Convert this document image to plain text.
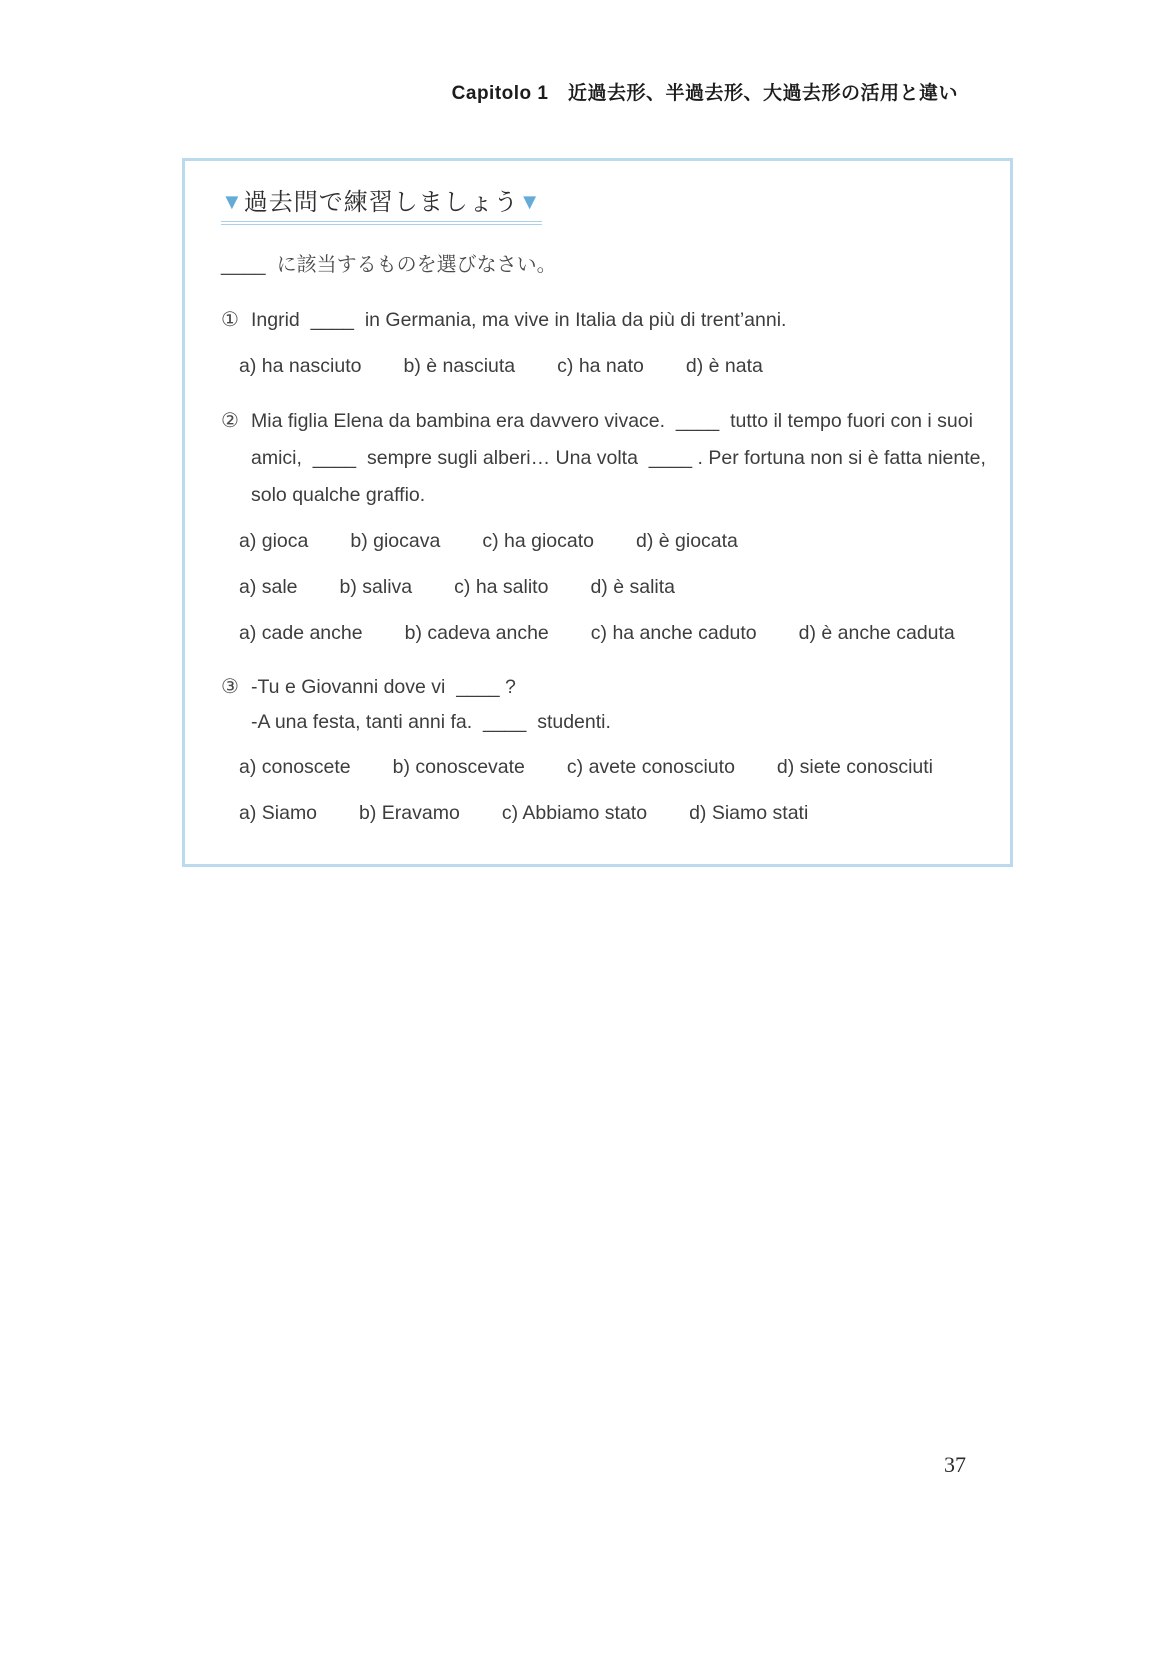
Capitolo 1　近過去形、半過去形、大過去形の活用と違い
▼過去問で練習しましょう▼
____  に該当するものを選びなさい。
① Ingrid  ____  in Germania, ma vive in Italia da più di trent’anni.
a) ha nasciuto b) è nasciuta c) ha nato d) è nata
② Mia figlia Elena da bambina era davvero vivace.  ____  tutto il tempo fuori con i suoi
amici,  ____  sempre sugli alberi… Una volta  ____ . Per fortuna non si è fatta niente,
solo qualche graffio.
a) gioca b) giocava c) ha giocato d) è giocata
a) sale b) saliva c) ha salito d) è salita
a) cade anche b) cadeva anche c) ha anche caduto d) è anche caduta
③ -Tu e Giovanni dove vi  ____ ?
-A una festa, tanti anni fa.  ____  studenti.
a) conoscete b) conoscevate c) avete conosciuto d) siete conosciuti
a) Siamo b) Eravamo c) Abbiamo stato d) Siamo stati
37
